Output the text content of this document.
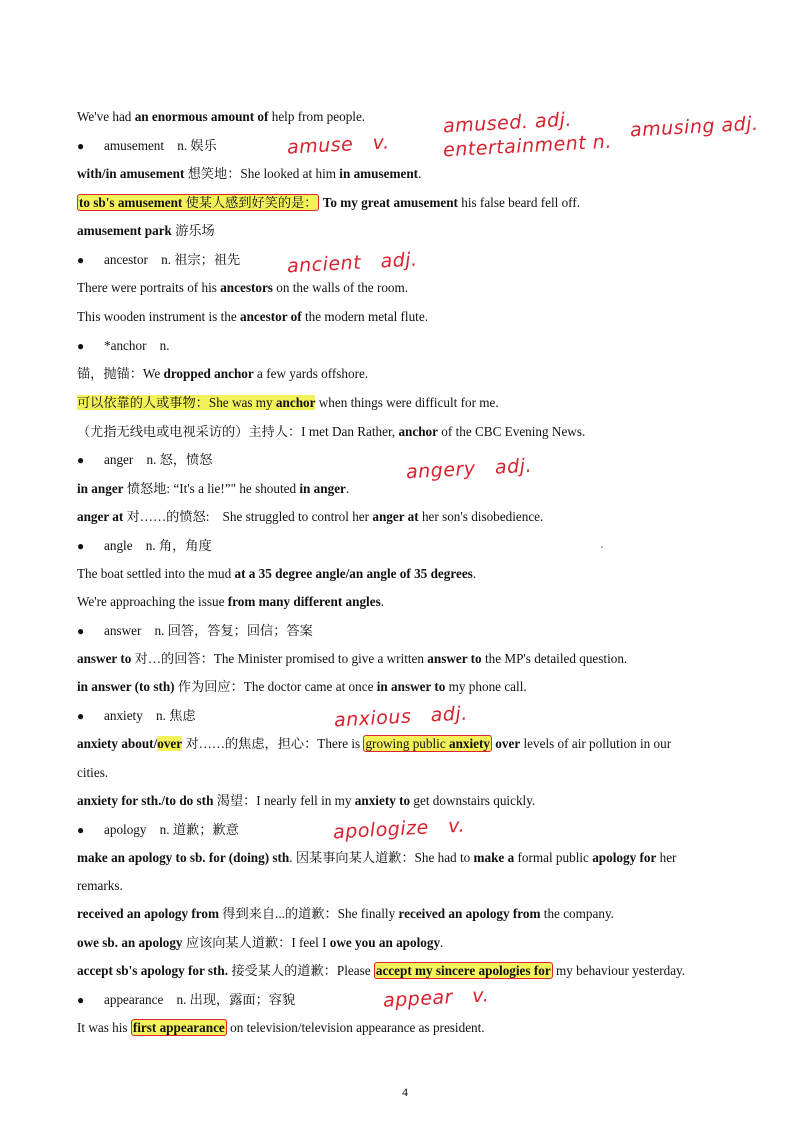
We've had an enormous amount of help from people.
● amusement　n. 娱乐
with/in amusement 想笑地：She looked at him in amusement.
to sb's amusement 使某人感到好笑的是： To my great amusement his false beard fell off.
amusement park 游乐场
● ancestor　n. 祖宗；祖先
There were portraits of his ancestors on the walls of the room.
This wooden instrument is the ancestor of the modern metal flute.
● *anchor　n.
锚，抛锚：We dropped anchor a few yards offshore.
可以依靠的人或事物：She was my anchor when things were difficult for me.
（尤指无线电或电视采访的）主持人：I met Dan Rather, anchor of the CBC Evening News.
● anger　n. 怒，愤怒
in anger 愤怒地: “It's a lie!”" he shouted in anger.
anger at 对……的愤怒:　She struggled to control her anger at her son's disobedience.
● angle　n. 角，角度
The boat settled into the mud at a 35 degree angle/an angle of 35 degrees.
We're approaching the issue from many different angles.
● answer　n. 回答，答复；回信；答案
answer to 对…的回答：The Minister promised to give a written answer to the MP's detailed question.
in answer (to sth) 作为回应：The doctor came at once in answer to my phone call.
● anxiety　n. 焦虑
anxiety about/over 对……的焦虑，担心：There is growing public anxiety over levels of air pollution in our
cities.
anxiety for sth./to do sth 渴望：I nearly fell in my anxiety to get downstairs quickly.
● apology　n. 道歉；歉意
make an apology to sb. for (doing) sth. 因某事向某人道歉：She had to make a formal public apology for her
remarks.
received an apology from 得到来自...的道歉：She finally received an apology from the company.
owe sb. an apology 应该向某人道歉：I feel I owe you an apology.
accept sb's apology for sth. 接受某人的道歉：Please accept my sincere apologies for my behaviour yesterday.
● appearance　n. 出现，露面；容貌
It was his first appearance on television/television appearance as president.
amused. adj.	amusing adj.
amuse　v.	entertainment n.
ancient　adj.
angery　adj.
anxious　adj.
apologize　v.
appear　v.
4
